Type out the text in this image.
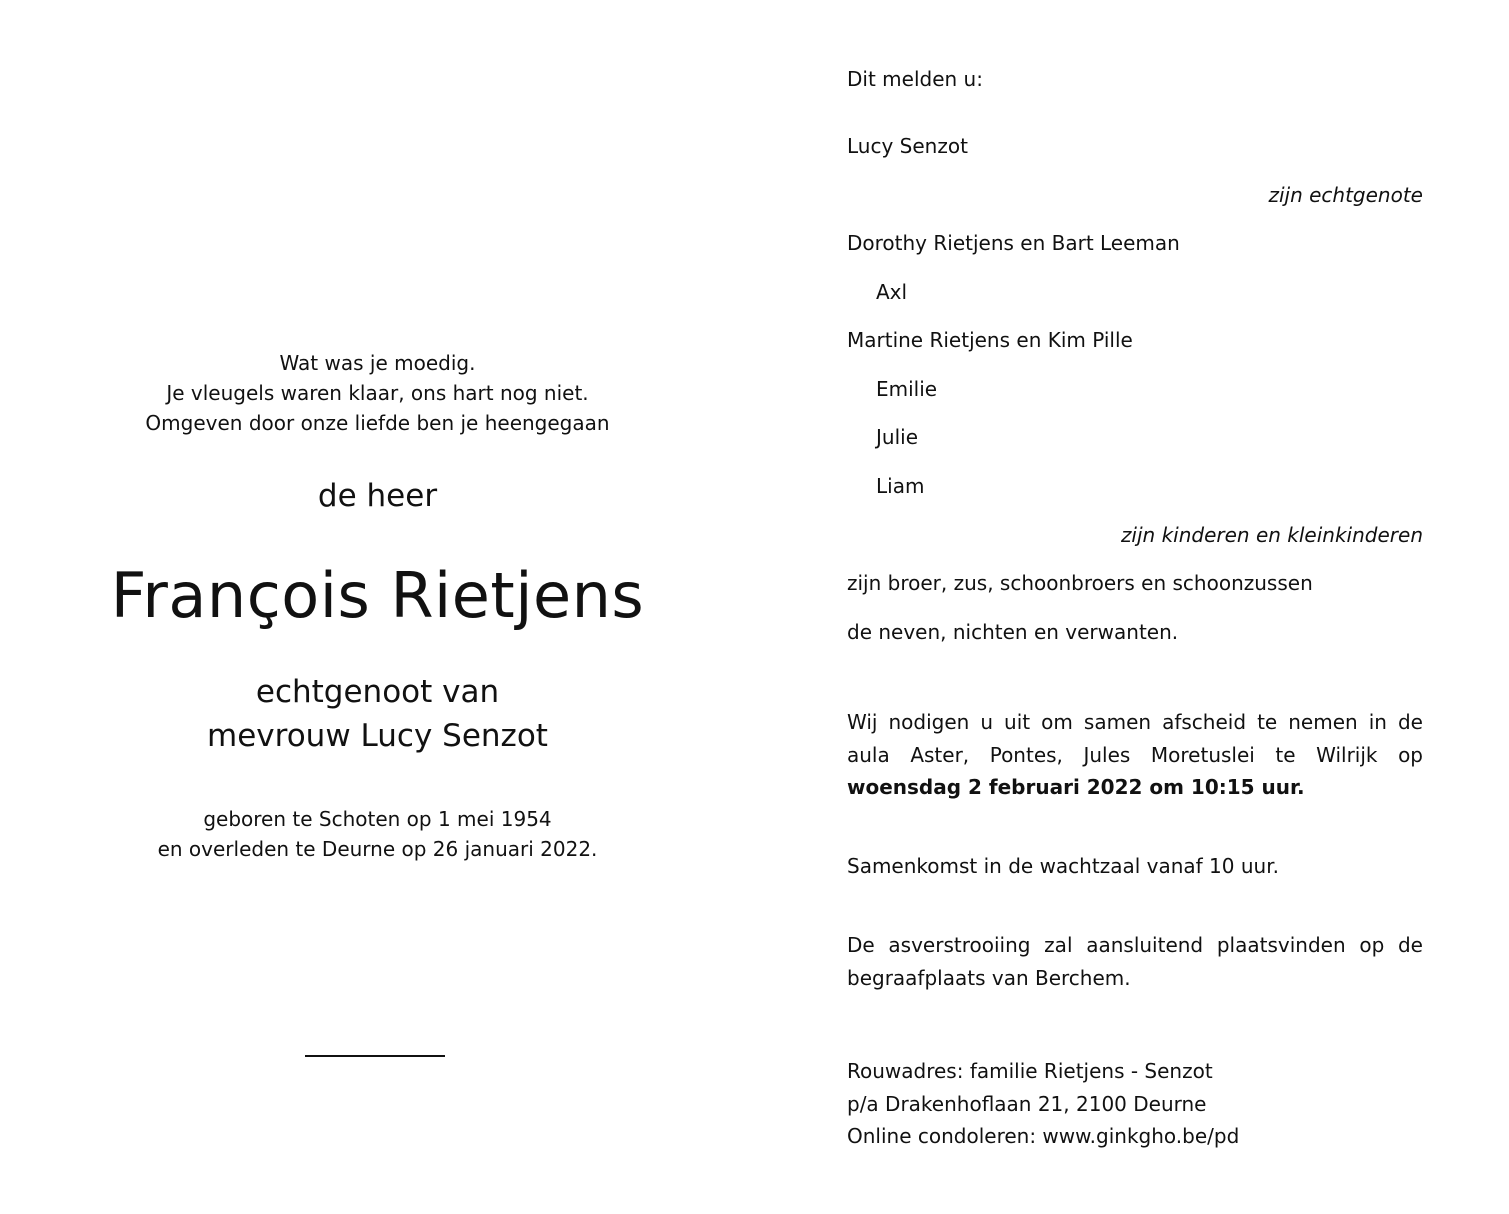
Wat was je moedig.
Je vleugels waren klaar, ons hart nog niet.
Omgeven door onze liefde ben je heengegaan
de heer
François Rietjens
echtgenoot van
mevrouw Lucy Senzot
geboren te Schoten op 1 mei 1954
en overleden te Deurne op 26 januari 2022.
Dit melden u:
Lucy Senzot
zijn echtgenote
Dorothy Rietjens en Bart Leeman
Axl
Martine Rietjens en Kim Pille
Emilie
Julie
Liam
zijn kinderen en kleinkinderen
zijn broer, zus, schoonbroers en schoonzussen
de neven, nichten en verwanten.
Wij nodigen u uit om samen afscheid te nemen in de aula Aster, Pontes, Jules Moretuslei te Wilrijk op woensdag 2 februari 2022 om 10:15 uur.
Samenkomst in de wachtzaal vanaf 10 uur.
De asverstrooiing zal aansluitend plaatsvinden op de begraafplaats van Berchem.
Rouwadres: familie Rietjens - Senzot
p/a Drakenhoflaan 21, 2100 Deurne
Online condoleren: www.ginkgho.be/pd
